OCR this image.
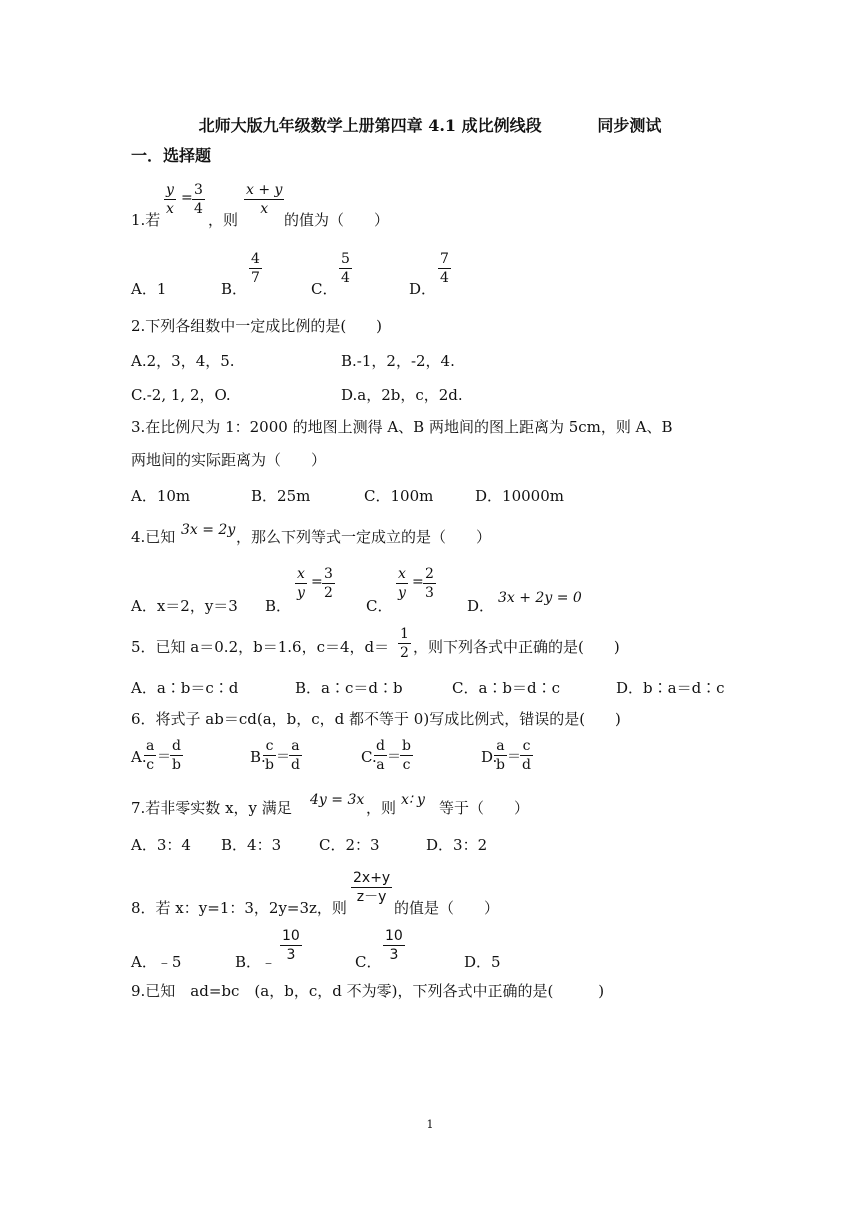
北师大版九年级数学上册第四章 4.1 成比例线段          同步测试
一．选择题
y
x
= 3
4
x + y
x
1.若	，则	的值为（　　）
A．1	B．
4
7
C．
5
4
D．
7
4
2.下列各组数中一定成比例的是(　　)
A.2，3，4，5.	B.-1，2，-2，4.
C.-2, 1, 2，O.	D.a，2b，c，2d.
3.在比例尺为 1：2000 的地图上测得 A、B 两地间的图上距离为 5cm，则 A、B
两地间的实际距离为（　　）
A．10m	B．25m	C．100m	D．10000m
4.已知 3x = 2y ，那么下列等式一定成立的是（　　）
A．x＝2，y＝3 B．
x
y
= 3
2
C．
x
y
= 2
3
D． 3x + 2y = 0
5．已知 a＝0.2，b＝1.6，c＝4，d＝
1
2 ，则下列各式中正确的是(　　)
A．a∶b＝c∶d	B．a∶c＝d∶b	C．a∶b＝d∶c	D．b∶a＝d∶c
6．将式子 ab＝cd(a，b，c，d 都不等于 0)写成比例式，错误的是(　　)
A.
a
c ＝
d
b	B.
c
b ＝
a
d	C.
d
a ＝
b
c	D.
a
b ＝
c
d
7.若非零实数 x，y 满足 4y = 3x ，则 x∶ y 等于（　　）
A．3：4 B．4：3	C．2：3	D．3：2
8．若 x：y=1：3，2y=3z，则
2x+y
z－y
的值是（　　）
A．﹣5	B．﹣
10
3	C．
10
3	D．5
9.已知　ad=bc　(a，b，c，d 不为零)，下列各式中正确的是(　　　)
1
